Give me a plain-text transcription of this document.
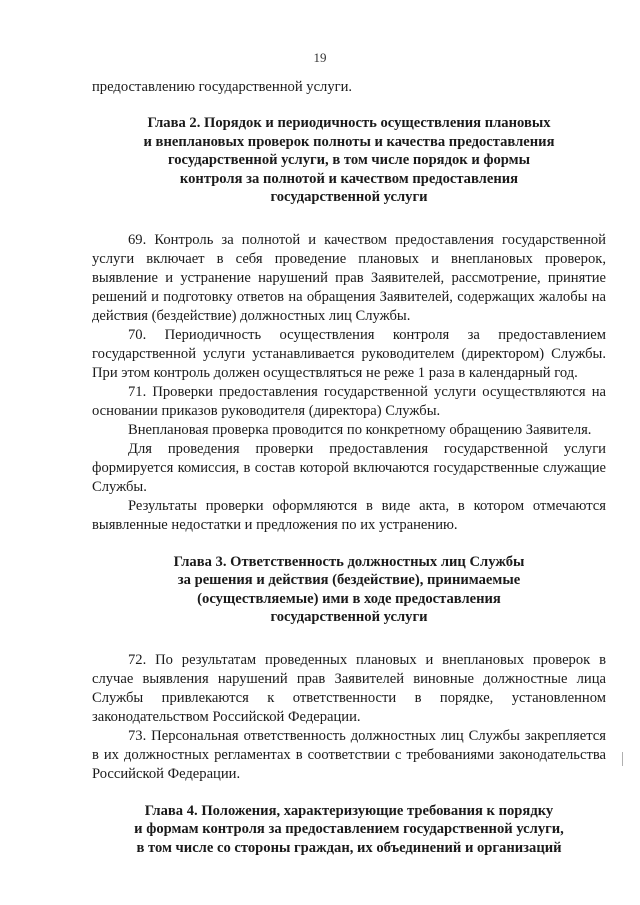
19

предоставлению государственной услуги.

Глава 2. Порядок и периодичность осуществления плановых
и внеплановых проверок полноты и качества предоставления
государственной услуги, в том числе порядок и формы
контроля за полнотой и качеством предоставления
государственной услуги

69. Контроль за полнотой и качеством предоставления государственной услуги включает в себя проведение плановых и внеплановых проверок, выявление и устранение нарушений прав Заявителей, рассмотрение, принятие решений и подготовку ответов на обращения Заявителей, содержащих жалобы на действия (бездействие) должностных лиц Службы.

70. Периодичность осуществления контроля за предоставлением государственной услуги устанавливается руководителем (директором) Службы. При этом контроль должен осуществляться не реже 1 раза в календарный год.

71. Проверки предоставления государственной услуги осуществляются на основании приказов руководителя (директора) Службы.

Внеплановая проверка проводится по конкретному обращению Заявителя.

Для проведения проверки предоставления государственной услуги формируется комиссия, в состав которой включаются государственные служащие Службы.

Результаты проверки оформляются в виде акта, в котором отмечаются выявленные недостатки и предложения по их устранению.

Глава 3. Ответственность должностных лиц Службы
за решения и действия (бездействие), принимаемые
(осуществляемые) ими в ходе предоставления
государственной услуги

72. По результатам проведенных плановых и внеплановых проверок в случае выявления нарушений прав Заявителей виновные должностные лица Службы привлекаются к ответственности в порядке, установленном законодательством Российской Федерации.

73. Персональная ответственность должностных лиц Службы закрепляется в их должностных регламентах в соответствии с требованиями законодательства Российской Федерации.

Глава 4. Положения, характеризующие требования к порядку
и формам контроля за предоставлением государственной услуги,
в том числе со стороны граждан, их объединений и организаций
